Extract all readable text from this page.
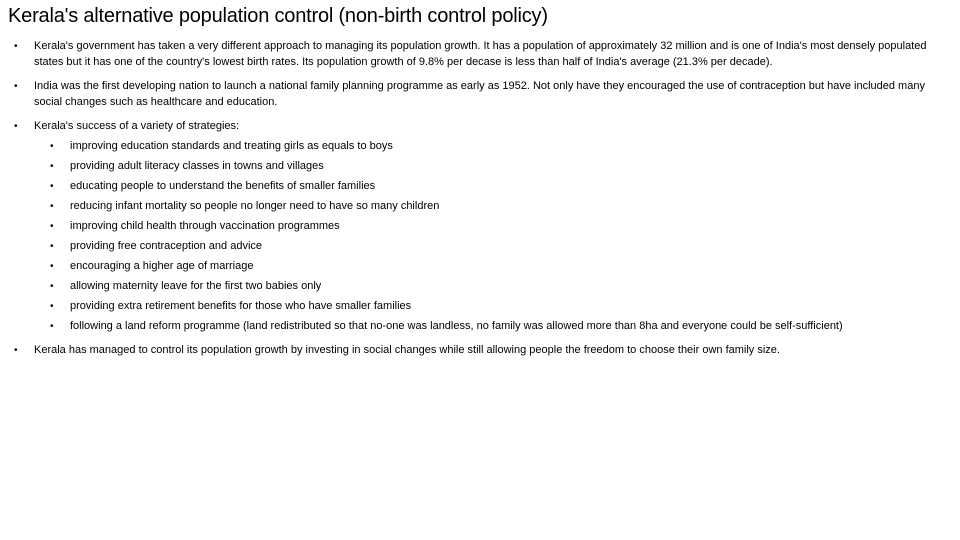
Kerala's alternative population control (non-birth control policy)
• Kerala's government has taken a very different approach to managing its population growth. It has a population of approximately 32 million and is one of India's most densely populated states but it has one of the country's lowest birth rates. Its population growth of 9.8% per decase is less than half of India's average (21.3% per decade).
• India was the first developing nation to launch a national family planning programme as early as 1952. Not only have they encouraged the use of contraception but have included many social changes such as healthcare and education.
• Kerala's success of a variety of strategies:
• improving education standards and treating girls as equals to boys
• providing adult literacy classes in towns and villages
• educating people to understand the benefits of smaller families
• reducing infant mortality so people no longer need to have so many children
• improving child health through vaccination programmes
• providing free contraception and advice
• encouraging a higher age of marriage
• allowing maternity leave for the first two babies only
• providing extra retirement benefits for those who have smaller families
• following a land reform programme (land redistributed so that no-one was landless, no family was allowed more than 8ha and everyone could be self-sufficient)
• Kerala has managed to control its population growth by investing in social changes while still allowing people the freedom to choose their own family size.
